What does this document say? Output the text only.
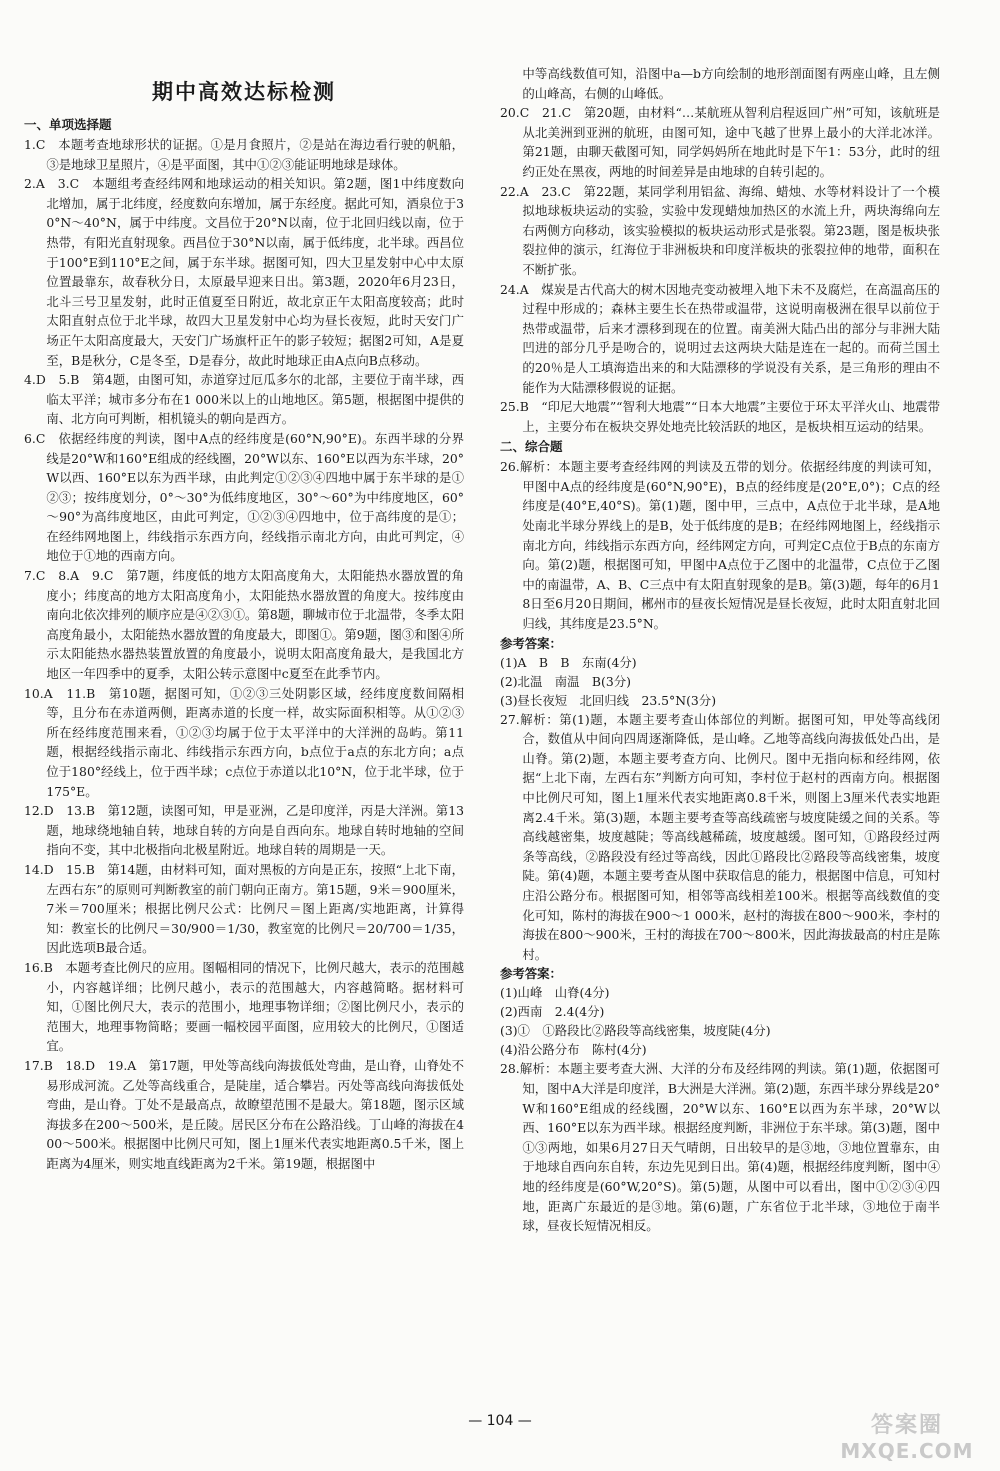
期中高效达标检测
一、单项选择题

1.C　本题考查地球形状的证据。①是月食照片，②是站在海边看行驶的帆船，③是地球卫星照片，④是平面图，其中①②③能证明地球是球体。

2.A　3.C　本题组考查经纬网和地球运动的相关知识。第2题，图1中纬度数向北增加，属于北纬度，经度数向东增加，属于东经度。据此可知，酒泉位于30°N～40°N，属于中纬度。文昌位于20°N以南，位于北回归线以南，位于热带，有阳光直射现象。西昌位于30°N以南，属于低纬度，北半球。西昌位于100°E到110°E之间，属于东半球。据图可知，四大卫星发射中心中太原位置最靠东，故春秋分日，太原最早迎来日出。第3题，2020年6月23日，北斗三号卫星发射，此时正值夏至日附近，故北京正午太阳高度较高；此时太阳直射点位于北半球，故四大卫星发射中心均为昼长夜短，此时天安门广场正午太阳高度最大，天安门广场旗杆正午的影子较短；据图2可知，A是夏至，B是秋分，C是冬至，D是春分，故此时地球正由A点向B点移动。

4.D　5.B　第4题，由图可知，赤道穿过厄瓜多尔的北部，主要位于南半球，西临太平洋；城市多分布在1 000米以上的山地地区。第5题，根据图中提供的南、北方向可判断，相机镜头的朝向是西方。

6.C　依据经纬度的判读，图中A点的经纬度是(60°N,90°E)。东西半球的分界线是20°W和160°E组成的经线圈，20°W以东、160°E以西为东半球，20°W以西、160°E以东为西半球，由此判定①②③④四地中属于东半球的是①②③；按纬度划分，0°～30°为低纬度地区，30°～60°为中纬度地区，60°～90°为高纬度地区，由此可判定，①②③④四地中，位于高纬度的是①；在经纬网地图上，纬线指示东西方向，经线指示南北方向，由此可判定，④地位于①地的西南方向。

7.C　8.A　9.C　第7题，纬度低的地方太阳高度角大，太阳能热水器放置的角度小；纬度高的地方太阳高度角小，太阳能热水器放置的角度大。按纬度由南向北依次排列的顺序应是④②③①。第8题，聊城市位于北温带，冬季太阳高度角最小，太阳能热水器放置的角度最大，即图①。第9题，图③和图④所示太阳能热水器热装置放置的角度最小，说明太阳高度角最大，是我国北方地区一年四季中的夏季，太阳公转示意图中c夏至在此季节内。

10.A　11.B　第10题，据图可知，①②③三处阴影区域，经纬度度数间隔相等，且分布在赤道两侧，距离赤道的长度一样，故实际面积相等。从①②③所在经纬度范围来看，①②③均属于位于太平洋中的大洋洲的岛屿。第11题，根据经线指示南北、纬线指示东西方向，b点位于a点的东北方向；a点位于180°经线上，位于西半球；c点位于赤道以北10°N，位于北半球，位于175°E。

12.D　13.B　第12题，读图可知，甲是亚洲，乙是印度洋，丙是大洋洲。第13题，地球绕地轴自转，地球自转的方向是自西向东。地球自转时地轴的空间指向不变，其中北极指向北极星附近。地球自转的周期是一天。

14.D　15.B　第14题，由材料可知，面对黑板的方向是正东，按照“上北下南，左西右东”的原则可判断教室的前门朝向正南方。第15题，9米＝900厘米，7米＝700厘米；根据比例尺公式：比例尺＝图上距离/实地距离，计算得知：教室长的比例尺＝30/900＝1/30，教室宽的比例尺＝20/700＝1/35，因此选项B最合适。

16.B　本题考查比例尺的应用。图幅相同的情况下，比例尺越大，表示的范围越小，内容越详细；比例尺越小，表示的范围越大，内容越简略。据材料可知，①图比例尺大，表示的范围小，地理事物详细；②图比例尺小，表示的范围大，地理事物简略；要画一幅校园平面图，应用较大的比例尺，①图适宜。

17.B　18.D　19.A　第17题，甲处等高线向海拔低处弯曲，是山脊，山脊处不易形成河流。乙处等高线重合，是陡崖，适合攀岩。丙处等高线向海拔低处弯曲，是山脊。丁处不是最高点，故瞭望范围不是最大。第18题，图示区域海拔多在200～500米，是丘陵。居民区分布在公路沿线。丁山峰的海拔在400～500米。根据图中比例尺可知，图上1厘米代表实地距离0.5千米，图上距离为4厘米，则实地直线距离为2千米。第19题，根据图中

中等高线数值可知，沿图中a—b方向绘制的地形剖面图有两座山峰，且左侧的山峰高，右侧的山峰低。

20.C　21.C　第20题，由材料“…某航班从智利启程返回广州”可知，该航班是从北美洲到亚洲的航班，由图可知，途中飞越了世界上最小的大洋北冰洋。第21题，由聊天截图可知，同学妈妈所在地此时是下午1：53分，此时的纽约正处在黑夜，两地的时间差异是由地球的自转引起的。

22.A　23.C　第22题，某同学利用铝盆、海绵、蜡烛、水等材料设计了一个模拟地球板块运动的实验，实验中发现蜡烛加热区的水流上升，两块海绵向左右两侧方向移动，该实验模拟的板块运动形式是张裂。第23题，图是板块张裂拉伸的演示，红海位于非洲板块和印度洋板块的张裂拉伸的地带，面积在不断扩张。

24.A　煤炭是古代高大的树木因地壳变动被埋入地下未不及腐烂，在高温高压的过程中形成的；森林主要生长在热带或温带，这说明南极洲在很早以前位于热带或温带，后来才漂移到现在的位置。南美洲大陆凸出的部分与非洲大陆凹进的部分几乎是吻合的，说明过去这两块大陆是连在一起的。而荷兰国土的20％是人工填海造出来的和大陆漂移的学说没有关系，是三角形的理由不能作为大陆漂移假说的证据。

25.B　“印尼大地震”“智利大地震”“日本大地震”主要位于环太平洋火山、地震带上，主要分布在板块交界处地壳比较活跃的地区，是板块相互运动的结果。

二、综合题

26.解析：本题主要考查经纬网的判读及五带的划分。依据经纬度的判读可知，甲图中A点的经纬度是(60°N,90°E)，B点的经纬度是(20°E,0°)；C点的经纬度是(40°E,40°S)。第(1)题，图中甲，三点中，A点位于北半球，是A地处南北半球分界线上的是B，处于低纬度的是B；在经纬网地图上，经线指示南北方向，纬线指示东西方向，经纬网定方向，可判定C点位于B点的东南方向。第(2)题，根据图可知，甲图中A点位于乙图中的北温带，C点位于乙图中的南温带，A、B、C三点中有太阳直射现象的是B。第(3)题，每年的6月18日至6月20日期间，郴州市的昼夜长短情况是昼长夜短，此时太阳直射北回归线，其纬度是23.5°N。

参考答案：

(1)A　B　B　东南(4分)

(2)北温　南温　B(3分)

(3)昼长夜短　北回归线　23.5°N(3分)

27.解析：第(1)题，本题主要考查山体部位的判断。据图可知，甲处等高线闭合，数值从中间向四周逐渐降低，是山峰。乙地等高线向海拔低处凸出，是山脊。第(2)题，本题主要考查方向、比例尺。图中无指向标和经纬网，依据“上北下南，左西右东”判断方向可知，李村位于赵村的西南方向。根据图中比例尺可知，图上1厘米代表实地距离0.8千米，则图上3厘米代表实地距离2.4千米。第(3)题，本题主要考查等高线疏密与坡度陡缓之间的关系。等高线越密集，坡度越陡；等高线越稀疏，坡度越缓。图可知，①路段经过两条等高线，②路段没有经过等高线，因此①路段比②路段等高线密集，坡度陡。第(4)题，本题主要考查从图中获取信息的能力，根据图中信息，可知村庄沿公路分布。根据图可知，相邻等高线相差100米。根据等高线数值的变化可知，陈村的海拔在900～1 000米，赵村的海拔在800～900米，李村的海拔在800～900米，王村的海拔在700～800米，因此海拔最高的村庄是陈村。

参考答案：

(1)山峰　山脊(4分)

(2)西南　2.4(4分)

(3)①　①路段比②路段等高线密集，坡度陡(4分)

(4)沿公路分布　陈村(4分)

28.解析：本题主要考查大洲、大洋的分布及经纬网的判读。第(1)题，依据图可知，图中A大洋是印度洋，B大洲是大洋洲。第(2)题，东西半球分界线是20°W和160°E组成的经线圈，20°W以东、160°E以西为东半球，20°W以西、160°E以东为西半球。根据经度判断，非洲位于东半球。第(3)题，图中①③两地，如果6月27日天气晴朗，日出较早的是③地，③地位置靠东，由于地球自西向东自转，东边先见到日出。第(4)题，根据经纬度判断，图中④地的经纬度是(60°W,20°S)。第(5)题，从图中可以看出，图中①②③④四地，距离广东最近的是③地。第(6)题，广东省位于北半球，③地位于南半球，昼夜长短情况相反。

— 104 —	答案圈
MXQE.COM
